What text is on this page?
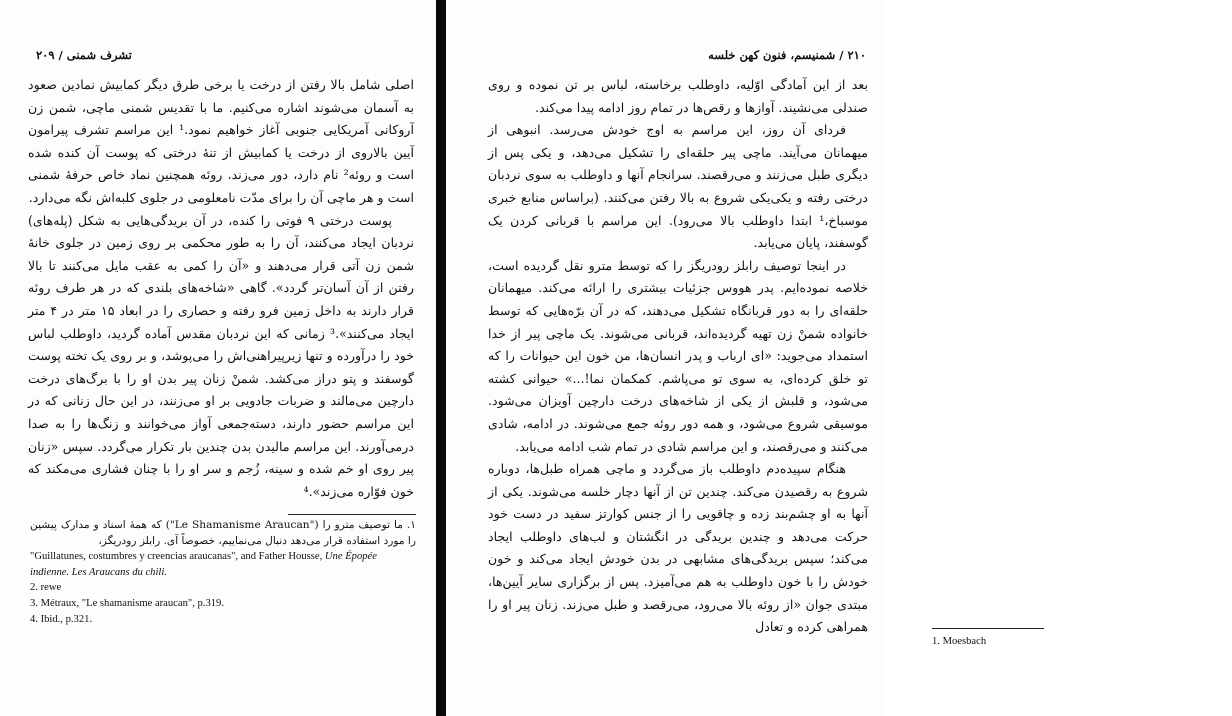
تشرف شمنی / ۲۰۹

اصلی شامل بالا رفتن از درخت یا برخی طرق دیگر کمابیش نمادین صعود به آسمان می‌شوند اشاره می‌کنیم. ما با تقدیس شمنی ماچی، شمن زن آروکانی آمریکایی جنوبی آغاز خواهیم نمود.¹ این مراسم تشرف پیرامون آیین بالاروی از درخت یا کمابیش از تنهٔ درختی که پوست آن کنده شده است و روئه² نام دارد، دور می‌زند. روئه همچنین نماد خاص حرفهٔ شمنی است و هر ماچی آن را برای مدّت نامعلومی در جلوی کلبه‌اش نگه می‌دارد.

پوست درختی ۹ فوتی را کنده، در آن بریدگی‌هایی به شکل (پله‌های) نردبان ایجاد می‌کنند، آن را به طور محکمی بر روی زمین در جلوی خانهٔ شمن زن آتی قرار می‌دهند و «آن را کمی به عقب مایل می‌کنند تا بالا رفتن از آن آسان‌تر گردد». گاهی «شاخه‌های بلندی که در هر طرف روئه قرار دارند به داخل زمین فرو رفته و حصاری را در ابعاد ۱۵ متر در ۴ متر ایجاد می‌کنند».³ زمانی که این نردبان مقدس آماده گردید، داوطلب لباس خود را درآورده و تنها زیرپیراهنی‌اش را می‌پوشد، و بر روی یک تخته پوست گوسفند و پتو دراز می‌کشد. شمنْ زنان پیر بدن او را با برگ‌های درخت دارچین می‌مالند و ضربات جادویی بر او می‌زنند، در این حال زنانی که در این مراسم حضور دارند، دسته‌جمعی آواز می‌خوانند و زنگ‌ها را به صدا درمی‌آورند. این مراسم مالیدن بدن چندین بار تکرار می‌گردد. سپس «زنان پیر روی او خم شده و سینه، زُجم و سر او را با چنان فشاری می‌مکند که خون فوّاره می‌زند».⁴

۱. ما توصیف مترو را ("Le Shamanisme Araucan") که همهٔ اسناد و مدارک پیشین را مورد استفاده قرار می‌دهد دنبال می‌نماییم، خصوصاً آی. رابلز رودریگز،
"Guillatunes, costumbres y creencias araucanas", and Father Housse, Une Épopée indienne. Les Araucans du chili.
2. rewe
3. Métraux, "Le shamanisme araucan", p.319.
4. Ibid., p.321.
۲۱۰ / شمنیسم، فنون کهن خلسه

بعد از این آمادگی اوّلیه، داوطلب برخاسته، لباس بر تن نموده و روی صندلی می‌نشیند. آوازها و رقص‌ها در تمام روز ادامه پیدا می‌کند.

فردای آن روز، این مراسم به اوج خودش می‌رسد. انبوهی از میهمانان می‌آیند. ماچی پیر حلقه‌ای را تشکیل می‌دهد، و یکی پس از دیگری طبل می‌زنند و می‌رقصند. سرانجام آنها و داوطلب به سوی نردبان درختی رفته و یکی‌یکی شروع به بالا رفتن می‌کنند. (براساس منابع خبری موسباخ،¹ ابتدا داوطلب بالا می‌رود). این مراسم با قربانی کردن یک گوسفند، پایان می‌یابد.

در اینجا توصیف رابلز رودریگز را که توسط مترو نقل گردیده است، خلاصه نموده‌ایم. پدر هووس جزئیات بیشتری را ارائه می‌کند. میهمانان حلقه‌ای را به دور قربانگاه تشکیل می‌دهند، که در آن برّه‌هایی که توسط خانواده شمنْ زن تهیه گردیده‌اند، قربانی می‌شوند. یک ماچی پیر از خدا استمداد می‌جوید: «ای ارباب و پدر انسان‌ها، من خون این حیوانات را که تو خلق کرده‌ای، به سوی تو می‌پاشم. کمکمان نما!...» حیوانی کشته می‌شود، و قلبش از یکی از شاخه‌های درخت دارچین آویزان می‌شود. موسیقی شروع می‌شود، و همه دور روئه جمع می‌شوند. در ادامه، شادی می‌کنند و می‌رقصند، و این مراسم شادی در تمام شب ادامه می‌یابد.

هنگام سپیده‌دم داوطلب باز می‌گردد و ماچی همراه طبل‌ها، دوباره شروع به رقصیدن می‌کند. چندین تن از آنها دچار خلسه می‌شوند. یکی از آنها به او چشم‌بند زده و چاقویی را از جنس کوارتز سفید در دست خود حرکت می‌دهد و چندین بریدگی در انگشتان و لب‌های داوطلب ایجاد می‌کند؛ سپس بریدگی‌های مشابهی در بدن خودش ایجاد می‌کند و خون خودش را با خون داوطلب به هم می‌آمیزد. پس از برگزاری سایر آیین‌ها، مبتدی جوان «از روئه بالا می‌رود، می‌رقصد و طبل می‌زند. زنان پیر او را همراهی کرده و تعادل

1. Moesbach
